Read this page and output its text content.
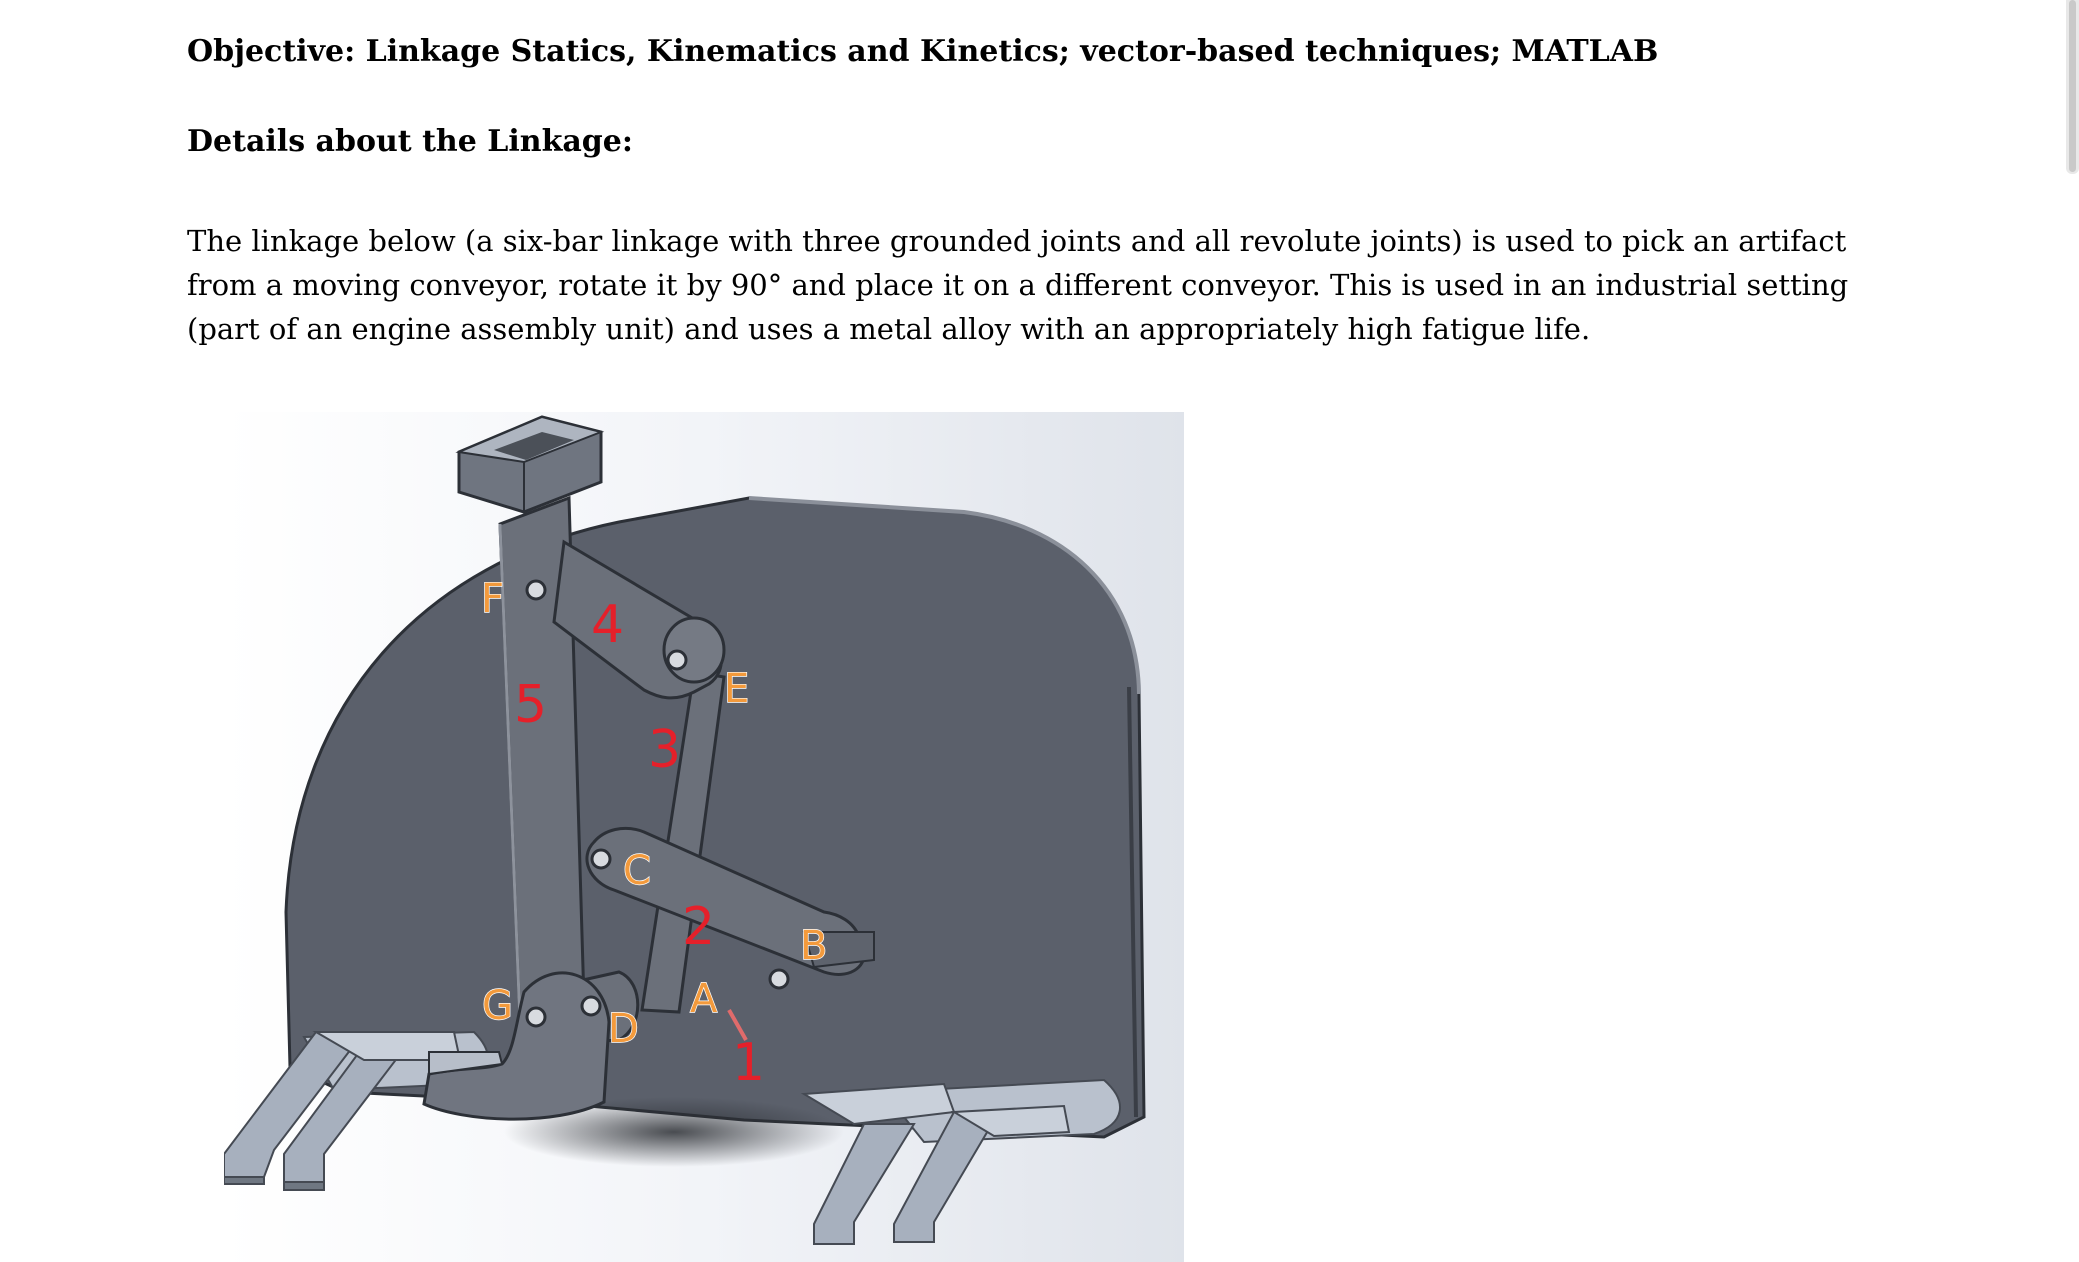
Objective: Linkage Statics, Kinematics and Kinetics; vector-based techniques; MATLAB

Details about the Linkage:

The linkage below (a six-bar linkage with three grounded joints and all revolute joints) is used to pick an artifact
from a moving conveyor, rotate it by 90° and place it on a different conveyor. This is used in an industrial setting
(part of an engine assembly unit) and uses a metal alloy with an appropriately high fatigue life.

F
E
C
B
A
G D
4
5
3
2
1
